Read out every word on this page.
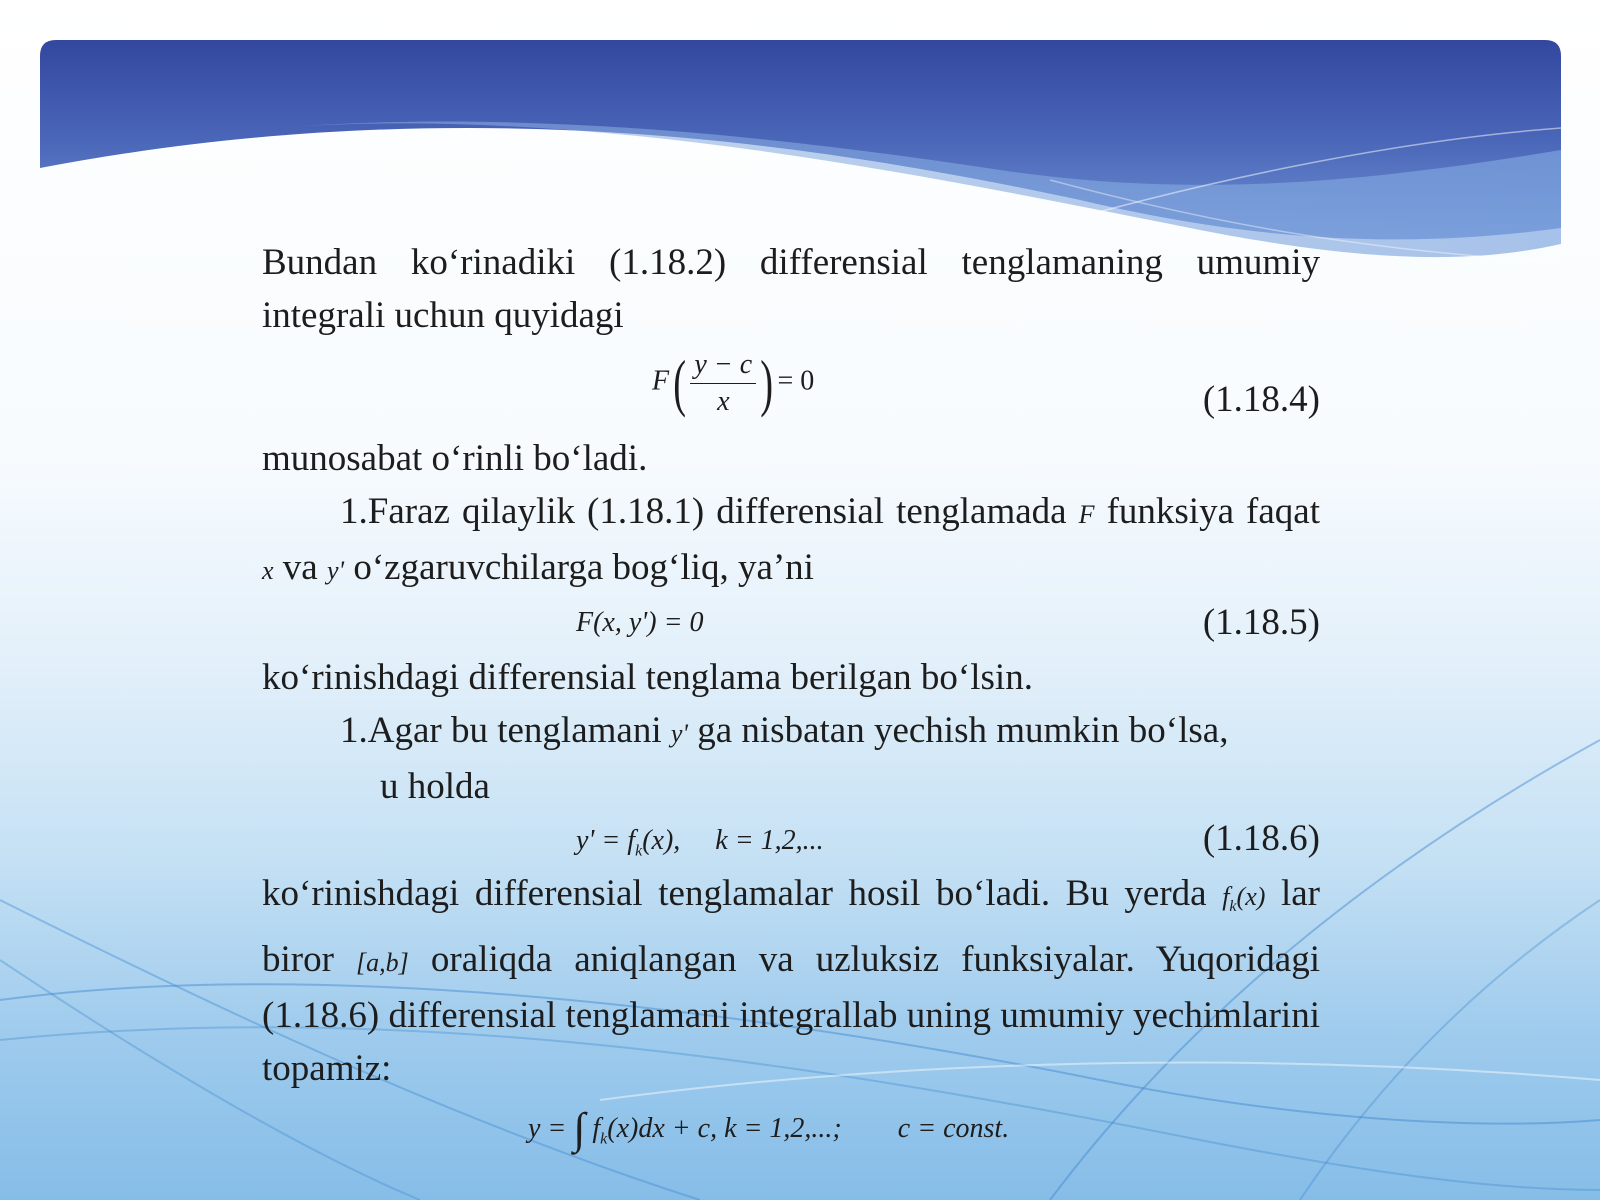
Bundan ko‘rinadiki (1.18.2) differensial tenglamaning umumiy integrali uchun quyidagi

$F( \frac{y - c}{x}$ ) = 0	(1.18.4)

munosabat o‘rinli bo‘ladi.

1.Faraz qilaylik (1.18.1) differensial tenglamada F funksiya faqat x va y' o‘zgaruvchilarga bog‘liq, ya’ni

F(x, y') = 0	(1.18.5)

ko‘rinishdagi differensial tenglama berilgan bo‘lsin.

1.Agar bu tenglamani y' ga nisbatan yechish mumkin bo‘lsa,

u holda

$y' = f_k(x)$, k = 1,2,...	(1.18.6)

ko‘rinishdagi differensial tenglamalar hosil bo‘ladi. Bu yerda $f_k(x)$ lar biror [a,b] oraliqda aniqlangan va uzluksiz funksiyalar. Yuqoridagi (1.18.6) differensial tenglamani integrallab uning umumiy yechimlarini topamiz:

y = ∫ $f_k(x)dx + c$, k = 1,2,...; c = const.
